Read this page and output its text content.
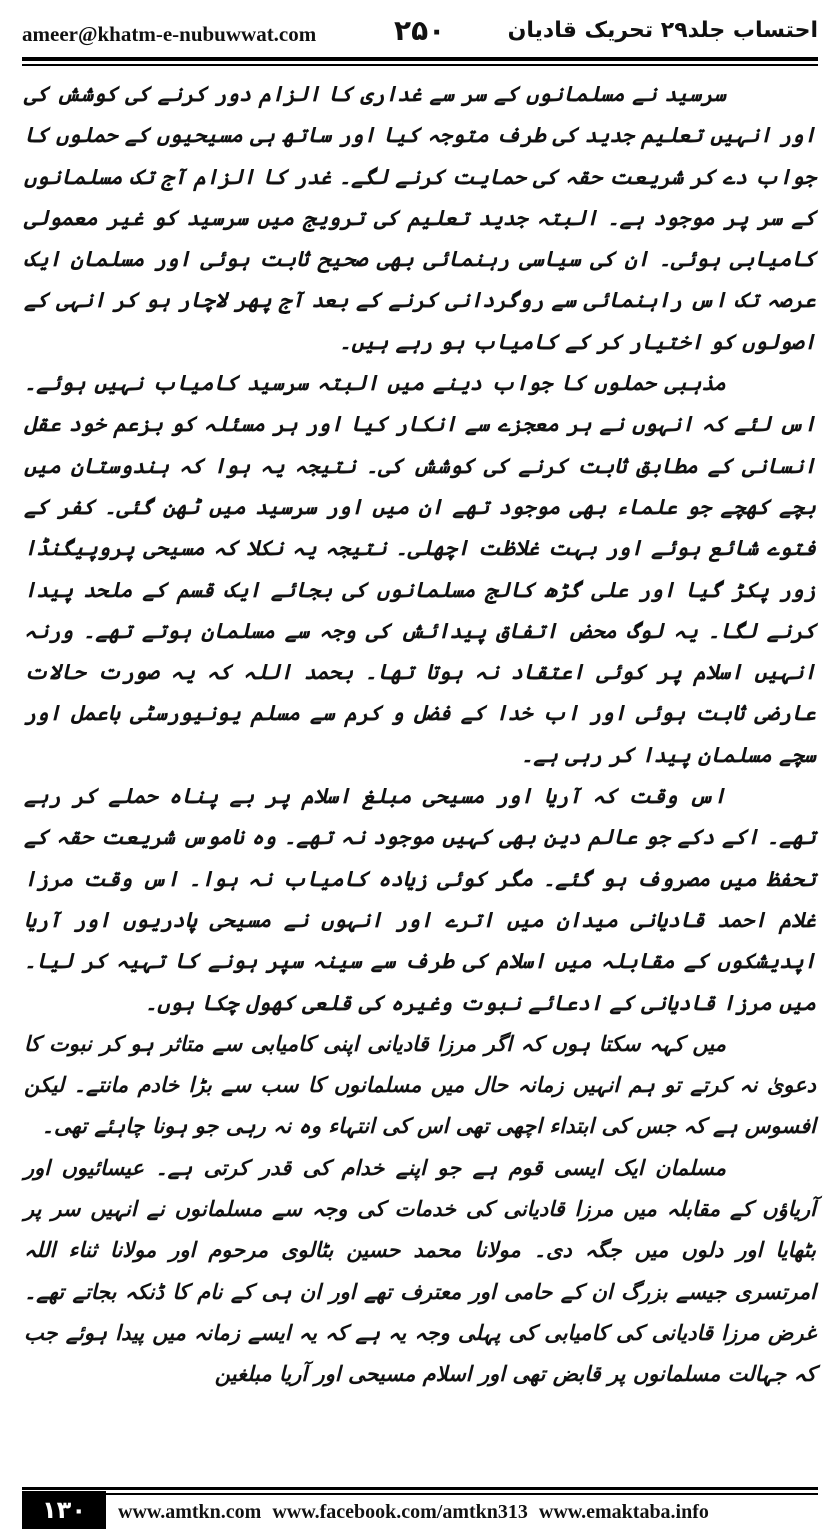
ameer@khatm-e-nubuwwat.com	۲۵۰	احتساب جلد۲۹ تحریک قادیان

سرسید نے مسلمانوں کے سر سے غداری کا الزام دور کرنے کی کوشش کی اور انہیں تعلیم جدید کی طرف متوجہ کیا اور ساتھ ہی مسیحیوں کے حملوں کا جواب دے کر شریعت حقہ کی حمایت کرنے لگے۔ غدر کا الزام آج تک مسلمانوں کے سر پر موجود ہے۔ البتہ جدید تعلیم کی ترویج میں سرسید کو غیر معمولی کامیابی ہوئی۔ ان کی سیاسی رہنمائی بھی صحیح ثابت ہوئی اور مسلمان ایک عرصہ تک اس راہنمائی سے روگردانی کرنے کے بعد آج پھر لاچار ہو کر انہی کے اصولوں کو اختیار کر کے کامیاب ہو رہے ہیں۔

مذہبی حملوں کا جواب دینے میں البتہ سرسید کامیاب نہیں ہوئے۔ اس لئے کہ انہوں نے ہر معجزے سے انکار کیا اور ہر مسئلہ کو بزعم خود عقل انسانی کے مطابق ثابت کرنے کی کوشش کی۔ نتیجہ یہ ہوا کہ ہندوستان میں بچے کھچے جو علماء بھی موجود تھے ان میں اور سرسید میں ٹھن گئی۔ کفر کے فتوے شائع ہوئے اور بہت غلاظت اچھلی۔ نتیجہ یہ نکلا کہ مسیحی پروپیگنڈا زور پکڑ گیا اور علی گڑھ کالج مسلمانوں کی بجائے ایک قسم کے ملحد پیدا کرنے لگا۔ یہ لوگ محض اتفاق پیدائش کی وجہ سے مسلمان ہوتے تھے۔ ورنہ انہیں اسلام پر کوئی اعتقاد نہ ہوتا تھا۔ بحمد اللہ کہ یہ صورت حالات عارضی ثابت ہوئی اور اب خدا کے فضل و کرم سے مسلم یونیورسٹی باعمل اور سچے مسلمان پیدا کر رہی ہے۔

اس وقت کہ آریا اور مسیحی مبلغ اسلام پر بے پناہ حملے کر رہے تھے۔ اکے دکے جو عالم دین بھی کہیں موجود نہ تھے۔ وہ ناموس شریعت حقہ کے تحفظ میں مصروف ہو گئے۔ مگر کوئی زیادہ کامیاب نہ ہوا۔ اس وقت مرزا غلام احمد قادیانی میدان میں اترے اور انہوں نے مسیحی پادریوں اور آریا اپدیشکوں کے مقابلہ میں اسلام کی طرف سے سینہ سپر ہونے کا تہیہ کر لیا۔ میں مرزا قادیانی کے ادعائے نبوت وغیرہ کی قلعی کھول چکا ہوں۔

میں کہہ سکتا ہوں کہ اگر مرزا قادیانی اپنی کامیابی سے متاثر ہو کر نبوت کا دعویٰ نہ کرتے تو ہم انہیں زمانہ حال میں مسلمانوں کا سب سے بڑا خادم مانتے۔ لیکن افسوس ہے کہ جس کی ابتداء اچھی تھی اس کی انتہاء وہ نہ رہی جو ہونا چاہئے تھی۔

مسلمان ایک ایسی قوم ہے جو اپنے خدام کی قدر کرتی ہے۔ عیسائیوں اور آریاؤں کے مقابلہ میں مرزا قادیانی کی خدمات کی وجہ سے مسلمانوں نے انہیں سر پر بٹھایا اور دلوں میں جگہ دی۔ مولانا محمد حسین بٹالوی مرحوم اور مولانا ثناء اللہ امرتسری جیسے بزرگ ان کے حامی اور معترف تھے اور ان ہی کے نام کا ڈنکہ بجاتے تھے۔ غرض مرزا قادیانی کی کامیابی کی پہلی وجہ یہ ہے کہ یہ ایسے زمانہ میں پیدا ہوئے جب کہ جہالت مسلمانوں پر قابض تھی اور اسلام مسیحی اور آریا مبلغین

۱۳۰	www.amtkn.com www.facebook.com/amtkn313 www.emaktaba.info
